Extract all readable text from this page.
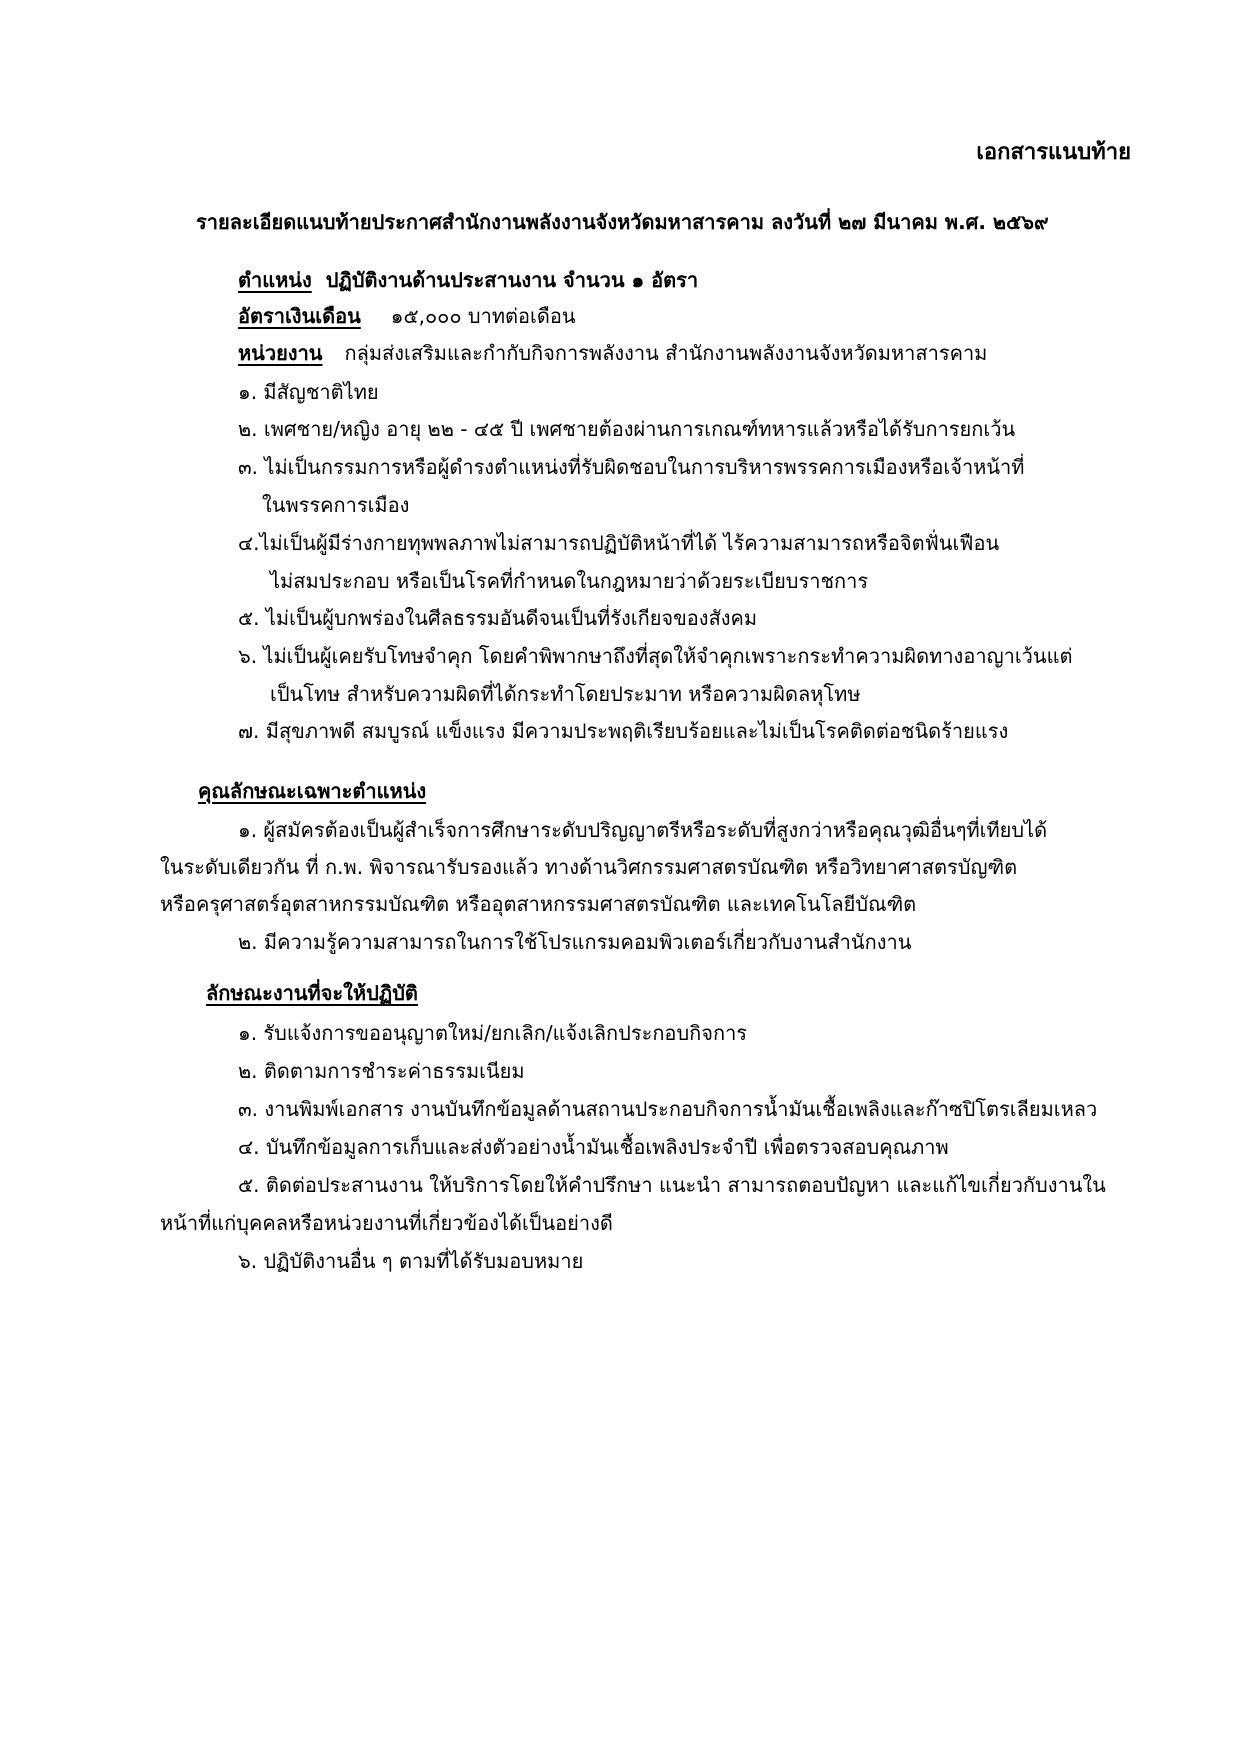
เอกสารแนบท้าย
รายละเอียดแนบท้ายประกาศสำนักงานพลังงานจังหวัดมหาสารคาม ลงวันที่ ๒๗ มีนาคม พ.ศ. ๒๕๖๙
ตำแหน่ง ปฏิบัติงานด้านประสานงาน จำนวน ๑ อัตรา
อัตราเงินเดือน ๑๕,๐๐๐ บาทต่อเดือน
หน่วยงาน กลุ่มส่งเสริมและกำกับกิจการพลังงาน สำนักงานพลังงานจังหวัดมหาสารคาม
๑. มีสัญชาติไทย
๒. เพศชาย/หญิง อายุ ๒๒ - ๔๕ ปี เพศชายต้องผ่านการเกณฑ์ทหารแล้วหรือได้รับการยกเว้น
๓. ไม่เป็นกรรมการหรือผู้ดำรงตำแหน่งที่รับผิดชอบในการบริหารพรรคการเมืองหรือเจ้าหน้าที่
ในพรรคการเมือง
๔.ไม่เป็นผู้มีร่างกายทุพพลภาพไม่สามารถปฏิบัติหน้าที่ได้ ไร้ความสามารถหรือจิตฟั่นเฟือน
ไม่สมประกอบ หรือเป็นโรคที่กำหนดในกฎหมายว่าด้วยระเบียบราชการ
๕. ไม่เป็นผู้บกพร่องในศีลธรรมอันดีจนเป็นที่รังเกียจของสังคม
๖. ไม่เป็นผู้เคยรับโทษจำคุก โดยคำพิพากษาถึงที่สุดให้จำคุกเพราะกระทำความผิดทางอาญาเว้นแต่
เป็นโทษ สำหรับความผิดที่ได้กระทำโดยประมาท หรือความผิดลหุโทษ
๗. มีสุขภาพดี สมบูรณ์ แข็งแรง มีความประพฤติเรียบร้อยและไม่เป็นโรคติดต่อชนิดร้ายแรง
คุณลักษณะเฉพาะตำแหน่ง
๑. ผู้สมัครต้องเป็นผู้สำเร็จการศึกษาระดับปริญญาตรีหรือระดับที่สูงกว่าหรือคุณวุฒิอื่นๆที่เทียบได้
ในระดับเดียวกัน ที่ ก.พ. พิจารณารับรองแล้ว ทางด้านวิศกรรมศาสตรบัณฑิต หรือวิทยาศาสตรบัญฑิต
หรือครุศาสตร์อุตสาหกรรมบัณฑิต หรืออุตสาหกรรมศาสตรบัณฑิต และเทคโนโลยีบัณฑิต
๒. มีความรู้ความสามารถในการใช้โปรแกรมคอมพิวเตอร์เกี่ยวกับงานสำนักงาน
ลักษณะงานที่จะให้ปฏิบัติ
๑. รับแจ้งการขออนุญาตใหม่/ยกเลิก/แจ้งเลิกประกอบกิจการ
๒. ติดตามการชำระค่าธรรมเนียม
๓. งานพิมพ์เอกสาร งานบันทึกข้อมูลด้านสถานประกอบกิจการน้ำมันเชื้อเพลิงและก๊าซปิโตรเลียมเหลว
๔. บันทึกข้อมูลการเก็บและส่งตัวอย่างน้ำมันเชื้อเพลิงประจำปี เพื่อตรวจสอบคุณภาพ
๕. ติดต่อประสานงาน ให้บริการโดยให้คำปรึกษา แนะนำ สามารถตอบปัญหา และแก้ไขเกี่ยวกับงานใน
หน้าที่แก่บุคคลหรือหน่วยงานที่เกี่ยวข้องได้เป็นอย่างดี
๖. ปฏิบัติงานอื่น ๆ ตามที่ได้รับมอบหมาย
